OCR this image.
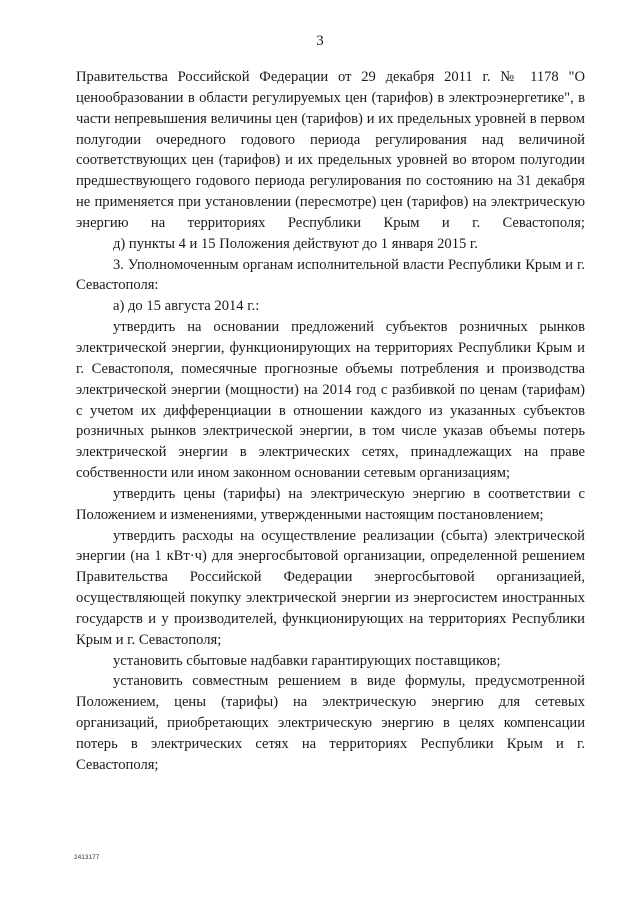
3

Правительства Российской Федерации от 29 декабря 2011 г. № 1178 "О ценообразовании в области регулируемых цен (тарифов) в электроэнергетике", в части непревышения величины цен (тарифов) и их предельных уровней в первом полугодии очередного годового периода регулирования над величиной соответствующих цен (тарифов) и их предельных уровней во втором полугодии предшествующего годового периода регулирования по состоянию на 31 декабря не применяется при установлении (пересмотре) цен (тарифов) на электрическую энергию на территориях Республики Крым и г. Севастополя;

д) пункты 4 и 15 Положения действуют до 1 января 2015 г.

3. Уполномоченным органам исполнительной власти Республики Крым и г. Севастополя:

а) до 15 августа 2014 г.:

утвердить на основании предложений субъектов розничных рынков электрической энергии, функционирующих на территориях Республики Крым и г. Севастополя, помесячные прогнозные объемы потребления и производства электрической энергии (мощности) на 2014 год с разбивкой по ценам (тарифам) с учетом их дифференциации в отношении каждого из указанных субъектов розничных рынков электрической энергии, в том числе указав объемы потерь электрической энергии в электрических сетях, принадлежащих на праве собственности или ином законном основании сетевым организациям;

утвердить цены (тарифы) на электрическую энергию в соответствии с Положением и изменениями, утвержденными настоящим постановлением;

утвердить расходы на осуществление реализации (сбыта) электрической энергии (на 1 кВт·ч) для энергосбытовой организации, определенной решением Правительства Российской Федерации энергосбытовой организацией, осуществляющей покупку электрической энергии из энергосистем иностранных государств и у производителей, функционирующих на территориях Республики Крым и г. Севастополя;

установить сбытовые надбавки гарантирующих поставщиков;

установить совместным решением в виде формулы, предусмотренной Положением, цены (тарифы) на электрическую энергию для сетевых организаций, приобретающих электрическую энергию в целях компенсации потерь в электрических сетях на территориях Республики Крым и г. Севастополя;

2413177
